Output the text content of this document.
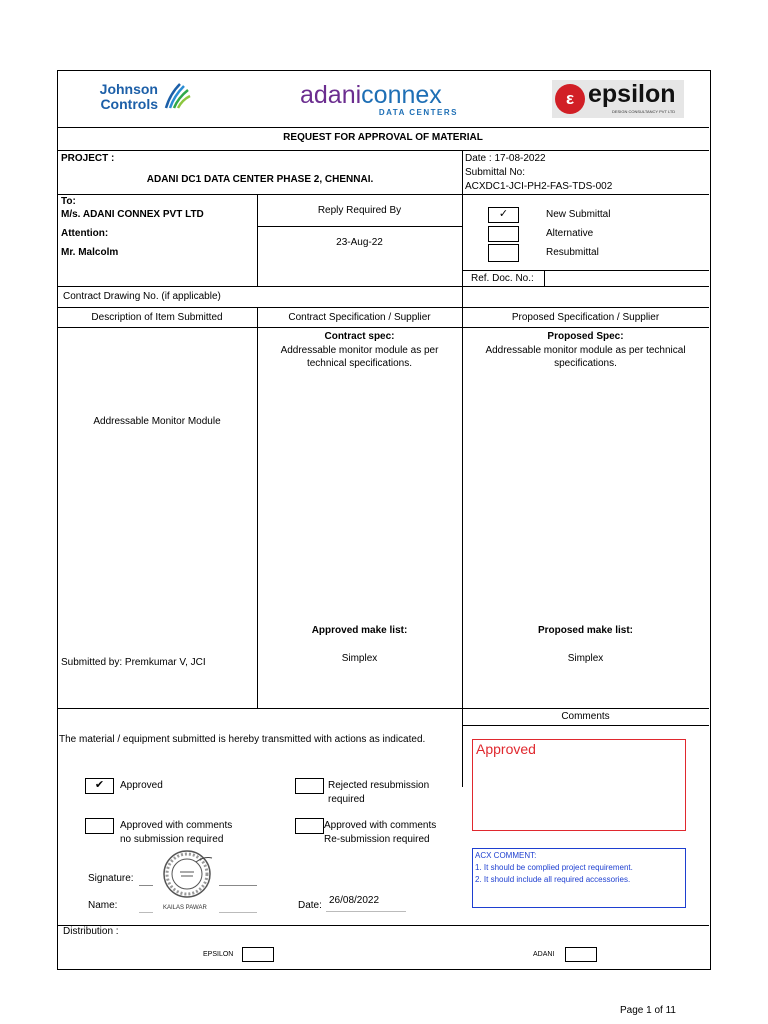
Johnson
Controls	adaniconnex
DATA CENTERS
ε epsilon
DESIGN CONSULTANCY PVT LTD
REQUEST FOR APPROVAL OF MATERIAL
PROJECT :
ADANI DC1 DATA CENTER PHASE 2, CHENNAI.
Date : 17-08-2022
Submittal No:
ACXDC1-JCI-PH2-FAS-TDS-002
To:
M/s. ADANI CONNEX PVT LTD
Attention:
Mr. Malcolm
Reply Required By
23-Aug-22
✓	New Submittal
Alternative
Resubmittal
Ref. Doc. No.:
Contract Drawing No. (if applicable)
Description of Item Submitted	Contract Specification / Supplier	Proposed Specification / Supplier
Addressable Monitor Module
Contract spec:
Addressable monitor module as per
technical specifications.
Proposed Spec:
Addressable monitor module as per technical
specifications.
Approved make list:
Simplex
Proposed make list:
Simplex
Submitted by: Premkumar V, JCI
Comments
The material / equipment submitted is hereby transmitted with actions as indicated.
✔	Approved
Approved with comments
no submission required
Rejected resubmission
required
Approved with comments
Re-submission required
Signature:
Name:	KAILAS PAWAR	Date: 26/08/2022
Approved
ACX COMMENT:
1. It should be complied project requirement.
2. It should include all required accessories.
Distribution :
EPSILON	ADANI
Page 1 of 11
